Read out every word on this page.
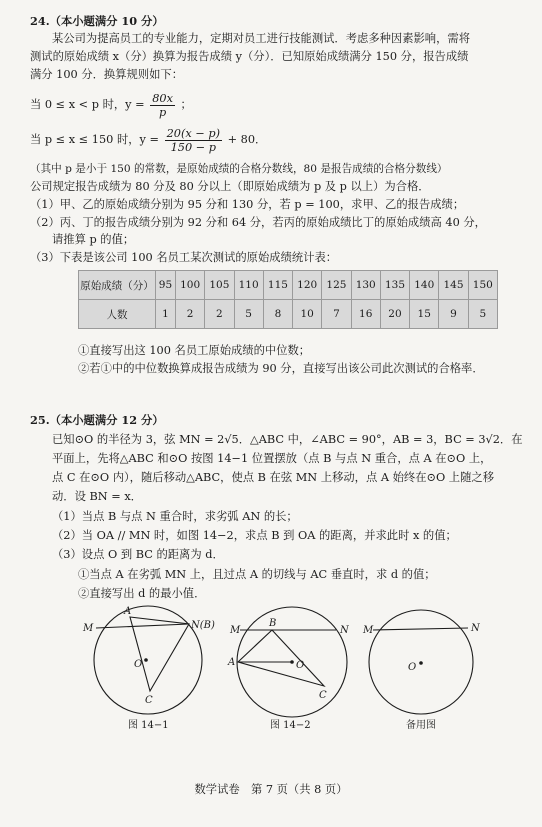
24.（本小题满分 10 分）
某公司为提高员工的专业能力，定期对员工进行技能测试．考虑多种因素影响，需将
测试的原始成绩 x（分）换算为报告成绩 y（分）．已知原始成绩满分 150 分，报告成绩
满分 100 分．换算规则如下：
当 0 ≤ x < p 时，$y = \frac{80x}{p}$ ；
当 p ≤ x ≤ 150 时，$y = \frac{20(x - p)}{150 - p} + 80$．
（其中 p 是小于 150 的常数，是原始成绩的合格分数线，80 是报告成绩的合格分数线）
公司规定报告成绩为 80 分及 80 分以上（即原始成绩为 p 及 p 以上）为合格．
（1）甲、乙的原始成绩分别为 95 分和 130 分，若 p = 100，求甲、乙的报告成绩；
（2）丙、丁的报告成绩分别为 92 分和 64 分，若丙的原始成绩比丁的原始成绩高 40 分，
请推算 p 的值；
（3）下表是该公司 100 名员工某次测试的原始成绩统计表：
原始成绩（分）	95	100	105	110	115	120	125	130	135	140	145	150
人数	1	2	2	5	8	10	7	16	20	15	9	5
①直接写出这 100 名员工原始成绩的中位数；
②若①中的中位数换算成报告成绩为 90 分，直接写出该公司此次测试的合格率．
25.（本小题满分 12 分）
已知⊙O 的半径为 3，弦 MN = 2√5．△ABC 中，∠ABC = 90°，AB = 3，BC = 3√2．在
平面上，先将△ABC 和⊙O 按图 14−1 位置摆放（点 B 与点 N 重合，点 A 在⊙O 上，
点 C 在⊙O 内），随后移动△ABC，使点 B 在弦 MN 上移动，点 A 始终在⊙O 上随之移
动．设 BN = x．
（1）当点 B 与点 N 重合时，求劣弧 AN 的长；
（2）当 OA // MN 时，如图 14−2，求点 B 到 OA 的距离，并求此时 x 的值；
（3）设点 O 到 BC 的距离为 d．
①当点 A 在劣弧 MN 上，且过点 A 的切线与 AC 垂直时，求 d 的值；
②直接写出 d 的最小值．
M
A
N(B)
O
C
M
B
N
A	O
C
M	N
O
图 14−1	图 14−2	备用图
数学试卷　第 7 页（共 8 页）
